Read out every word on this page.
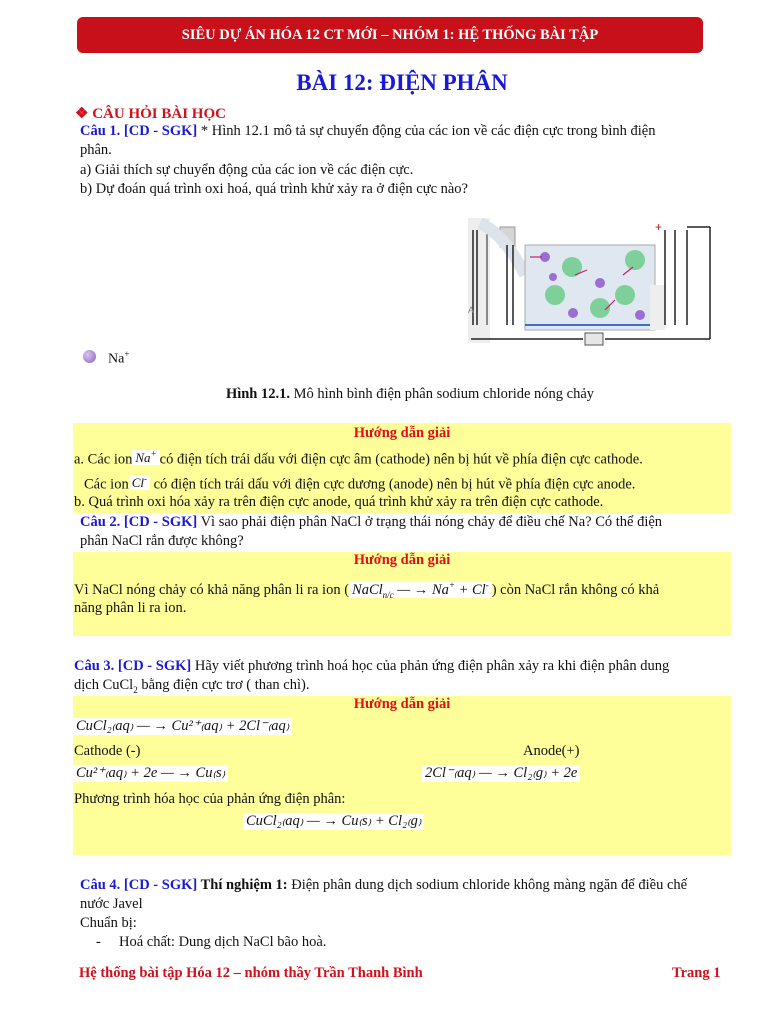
SIÊU DỰ ÁN HÓA 12 CT MỚI – NHÓM 1: HỆ THỐNG BÀI TẬP
BÀI 12: ĐIỆN PHÂN
❖ CÂU HỎI BÀI HỌC
Câu 1. [CD - SGK] * Hình 12.1 mô tả sự chuyển động của các ion về các điện cực trong bình điện
phân.
a) Giải thích sự chuyển động của các ion về các điện cực.
b) Dự đoán quá trình oxi hoá, quá trình khử xảy ra ở điện cực nào?
A
+
Na+
Hình 12.1. Mô hình bình điện phân sodium chloride nóng chảy
Hướng dẫn giải
a. Các ion Na+ có điện tích trái dấu với điện cực âm (cathode) nên bị hút về phía điện cực cathode.
Các ion Cl- có điện tích trái dấu với điện cực dương (anode) nên bị hút về phía điện cực anode.
b. Quá trình oxi hóa xảy ra trên điện cực anode, quá trình khử xảy ra trên điện cực cathode.
Câu 2. [CD - SGK] Vì sao phải điện phân NaCl ở trạng thái nóng chảy để điều chế Na? Có thể điện
phân NaCl rắn được không?
Hướng dẫn giải
Vì NaCl nóng chảy có khả năng phân li ra ion ( NaCl$_{n/c}$ — → Na+ + Cl- ) còn NaCl rắn không có khả
năng phân li ra ion.
Câu 3. [CD - SGK] Hãy viết phương trình hoá học của phản ứng điện phân xảy ra khi điện phân dung
dịch CuCl$_2$ bằng điện cực trơ ( than chì).
Hướng dẫn giải
CuCl₂₍aq₎ — → Cu²⁺₍aq₎ + 2Cl⁻₍aq₎
Cathode (-)	Anode(+)
Cu²⁺₍aq₎ + 2e — → Cu₍s₎	2Cl⁻₍aq₎ — → Cl₂₍g₎ + 2e
Phương trình hóa học của phản ứng điện phân:
CuCl₂₍aq₎ — → Cu₍s₎ + Cl₂₍g₎
Câu 4. [CD - SGK] Thí nghiệm 1: Điện phân dung dịch sodium chloride không màng ngăn để điều chế
nước Javel
Chuẩn bị:
- Hoá chất: Dung dịch NaCl bão hoà.
Hệ thống bài tập Hóa 12 – nhóm thầy Trần Thanh Bình	Trang 1
